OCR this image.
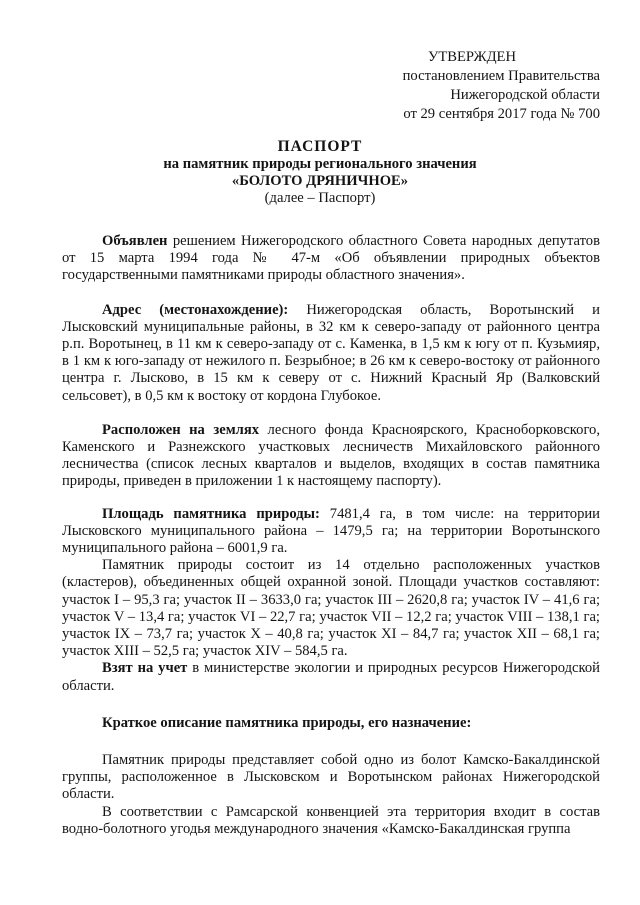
УТВЕРЖДЕН
постановлением Правительства
Нижегородской области
от 29 сентября 2017 года № 700
ПАСПОРТ
на памятник природы регионального значения
«БОЛОТО ДРЯНИЧНОЕ»
(далее – Паспорт)

Объявлен решением Нижегородского областного Совета народных депутатов от 15 марта 1994 года № 47-м «Об объявлении природных объектов государственными памятниками природы областного значения».

Адрес (местонахождение): Нижегородская область, Воротынский и Лысковский муниципальные районы, в 32 км к северо-западу от районного центра р.п. Воротынец, в 11 км к северо-западу от с. Каменка, в 1,5 км к югу от п. Кузьмияр, в 1 км к юго-западу от нежилого п. Безрыбное; в 26 км к северо-востоку от районного центра г. Лысково, в 15 км к северу от с. Нижний Красный Яр (Валковский сельсовет), в 0,5 км к востоку от кордона Глубокое.

Расположен на землях лесного фонда Красноярского, Красноборковского, Каменского и Разнежского участковых лесничеств Михайловского районного лесничества (список лесных кварталов и выделов, входящих в состав памятника природы, приведен в приложении 1 к настоящему паспорту).

Площадь памятника природы: 7481,4 га, в том числе: на территории Лысковского муниципального района – 1479,5 га; на территории Воротынского муниципального района – 6001,9 га.

Памятник природы состоит из 14 отдельно расположенных участков (кластеров), объединенных общей охранной зоной. Площади участков составляют: участок I – 95,3 га; участок II – 3633,0 га; участок III – 2620,8 га; участок IV – 41,6 га; участок V – 13,4 га; участок VI – 22,7 га; участок VII – 12,2 га; участок VIII – 138,1 га; участок IX – 73,7 га; участок X – 40,8 га; участок XI – 84,7 га; участок XII – 68,1 га; участок XIII – 52,5 га; участок XIV – 584,5 га.

Взят на учет в министерстве экологии и природных ресурсов Нижегородской области.

Краткое описание памятника природы, его назначение:

Памятник природы представляет собой одно из болот Камско-Бакалдинской группы, расположенное в Лысковском и Воротынском районах Нижегородской области.

В соответствии с Рамсарской конвенцией эта территория входит в состав водно-болотного угодья международного значения «Камско-Бакалдинская группа
